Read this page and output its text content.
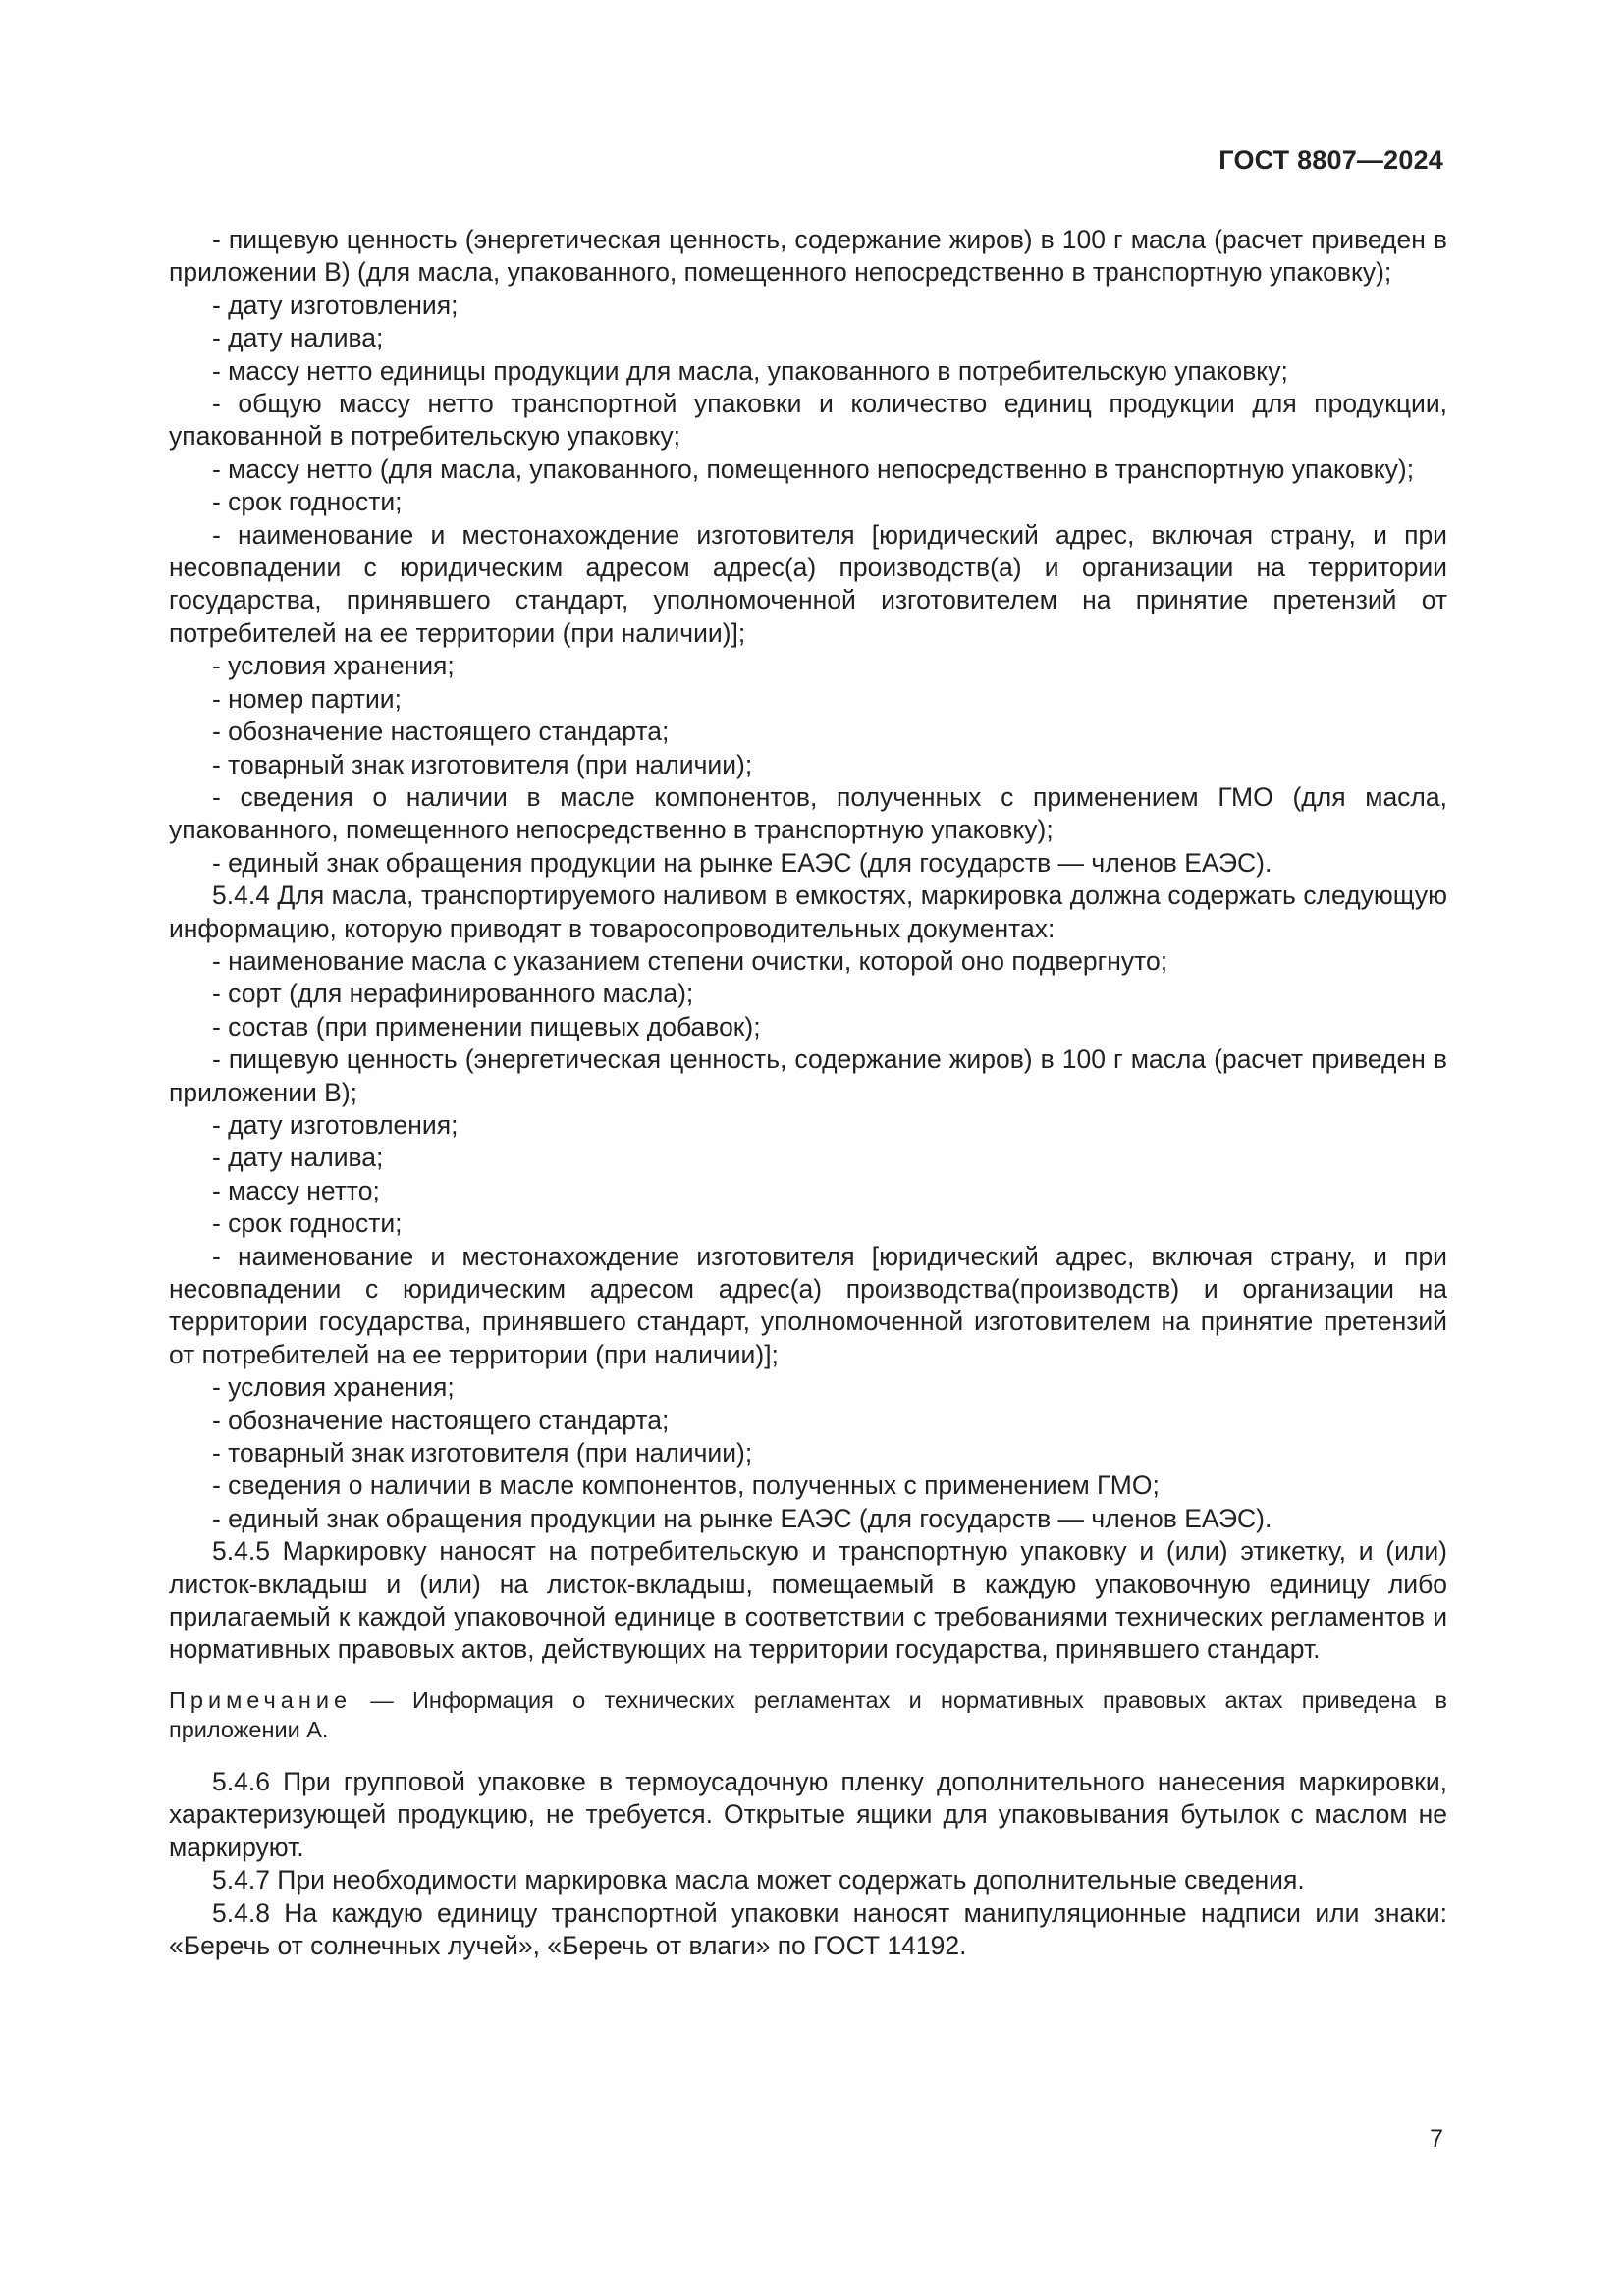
ГОСТ 8807—2024

- пищевую ценность (энергетическая ценность, содержание жиров) в 100 г масла (расчет приведен в приложении В) (для масла, упакованного, помещенного непосредственно в транспортную упаковку);

- дату изготовления;

- дату налива;

- массу нетто единицы продукции для масла, упакованного в потребительскую упаковку;

- общую массу нетто транспортной упаковки и количество единиц продукции для продукции, упакованной в потребительскую упаковку;

- массу нетто (для масла, упакованного, помещенного непосредственно в транспортную упаковку);

- срок годности;

- наименование и местонахождение изготовителя [юридический адрес, включая страну, и при несовпадении с юридическим адресом адрес(а) производств(а) и организации на территории государства, принявшего стандарт, уполномоченной изготовителем на принятие претензий от потребителей на ее территории (при наличии)];

- условия хранения;

- номер партии;

- обозначение настоящего стандарта;

- товарный знак изготовителя (при наличии);

- сведения о наличии в масле компонентов, полученных с применением ГМО (для масла, упакованного, помещенного непосредственно в транспортную упаковку);

- единый знак обращения продукции на рынке ЕАЭС (для государств — членов ЕАЭС).

5.4.4 Для масла, транспортируемого наливом в емкостях, маркировка должна содержать следующую информацию, которую приводят в товаросопроводительных документах:

- наименование масла с указанием степени очистки, которой оно подвергнуто;

- сорт (для нерафинированного масла);

- состав (при применении пищевых добавок);

- пищевую ценность (энергетическая ценность, содержание жиров) в 100 г масла (расчет приведен в приложении В);

- дату изготовления;

- дату налива;

- массу нетто;

- срок годности;

- наименование и местонахождение изготовителя [юридический адрес, включая страну, и при несовпадении с юридическим адресом адрес(а) производства(производств) и организации на территории государства, принявшего стандарт, уполномоченной изготовителем на принятие претензий от потребителей на ее территории (при наличии)];

- условия хранения;

- обозначение настоящего стандарта;

- товарный знак изготовителя (при наличии);

- сведения о наличии в масле компонентов, полученных с применением ГМО;

- единый знак обращения продукции на рынке ЕАЭС (для государств — членов ЕАЭС).

5.4.5 Маркировку наносят на потребительскую и транспортную упаковку и (или) этикетку, и (или) листок-вкладыш и (или) на листок-вкладыш, помещаемый в каждую упаковочную единицу либо прилагаемый к каждой упаковочной единице в соответствии с требованиями технических регламентов и нормативных правовых актов, действующих на территории государства, принявшего стандарт.

Примечание — Информация о технических регламентах и нормативных правовых актах приведена в приложении А.

5.4.6 При групповой упаковке в термоусадочную пленку дополнительного нанесения маркировки, характеризующей продукцию, не требуется. Открытые ящики для упаковывания бутылок с маслом не маркируют.

5.4.7 При необходимости маркировка масла может содержать дополнительные сведения.

5.4.8 На каждую единицу транспортной упаковки наносят манипуляционные надписи или знаки: «Беречь от солнечных лучей», «Беречь от влаги» по ГОСТ 14192.

7
